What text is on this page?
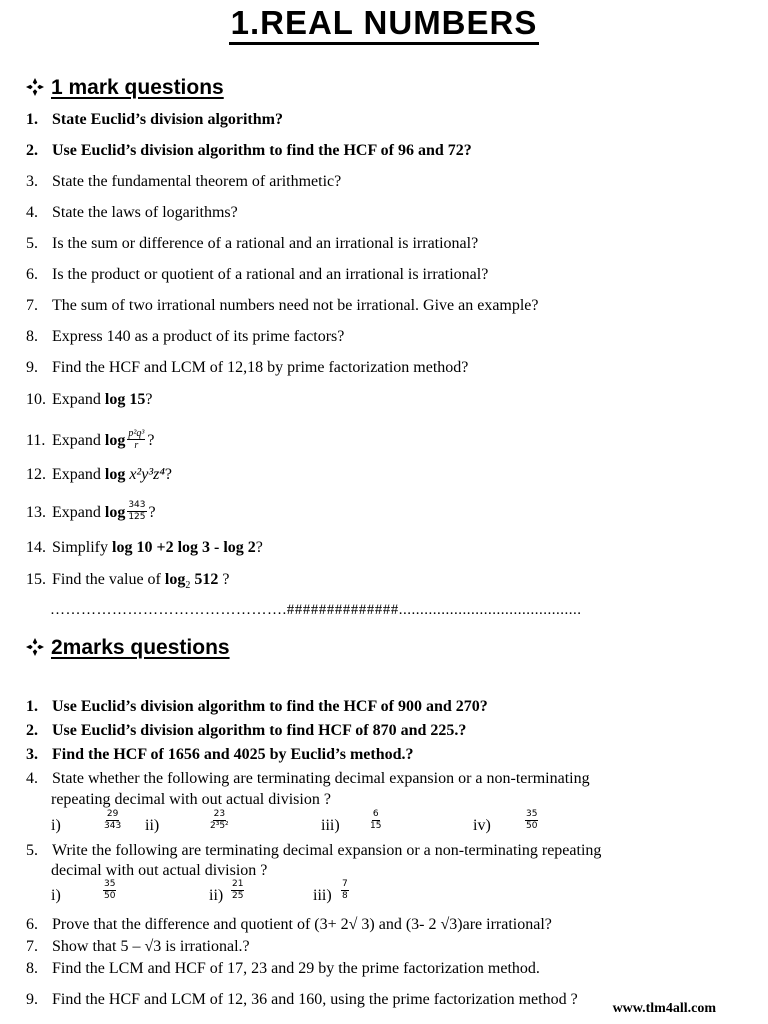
1.REAL NUMBERS
1 mark questions
1. State Euclid’s division algorithm?
2. Use Euclid’s division algorithm to find the HCF of 96 and 72?
3. State the fundamental theorem of arithmetic?
4. State the laws of logarithms?
5. Is the sum or difference of a rational and an irrational is irrational?
6. Is the product or quotient of a rational and an irrational is irrational?
7. The sum of two irrational numbers need not be irrational. Give an example?
8. Express 140 as a product of its prime factors?
9. Find the HCF and LCM of 12,18 by prime factorization method?
10. Expand log 15?
11. Expand $\log \frac{\text{p²q³}}{r}$ ?
12. Expand log x²y³z⁴?
13. Expand $\log \frac{343}{125}$ ?
14. Simplify log 10 +2 log 3 - log 2?
15. Find the value of $\log_2 512$ ?
……………………………………….##############...........................................
2marks questions
1. Use Euclid’s division algorithm to find the HCF of 900 and 270?
2. Use Euclid’s division algorithm to find HCF of 870 and 225.?
3. Find the HCF of 1656 and 4025 by Euclid’s method.?
4. State whether the following are terminating decimal expansion or a non-terminating
repeating decimal with out actual division ?
i)	$\frac{29}{343} ii$)	$\frac{23}{\text{2³5²}}$	iii)	$\frac{6}{15}$	iv)	$\frac{35}{50}$
5. Write the following are terminating decimal expansion or a non-terminating repeating
decimal with out actual division ?
i)	$\frac{35}{50}$	$ii) \frac{21}{25}$	$iii) \frac{7}{8}$
6. Prove that the difference and quotient of (3+ 2√ 3) and (3- 2 √3)are irrational?
7. Show that 5 – √3 is irrational.?
8. Find the LCM and HCF of 17, 23 and 29 by the prime factorization method.
9. Find the HCF and LCM of 12, 36 and 160, using the prime factorization method ?
www.tlm4all.com
